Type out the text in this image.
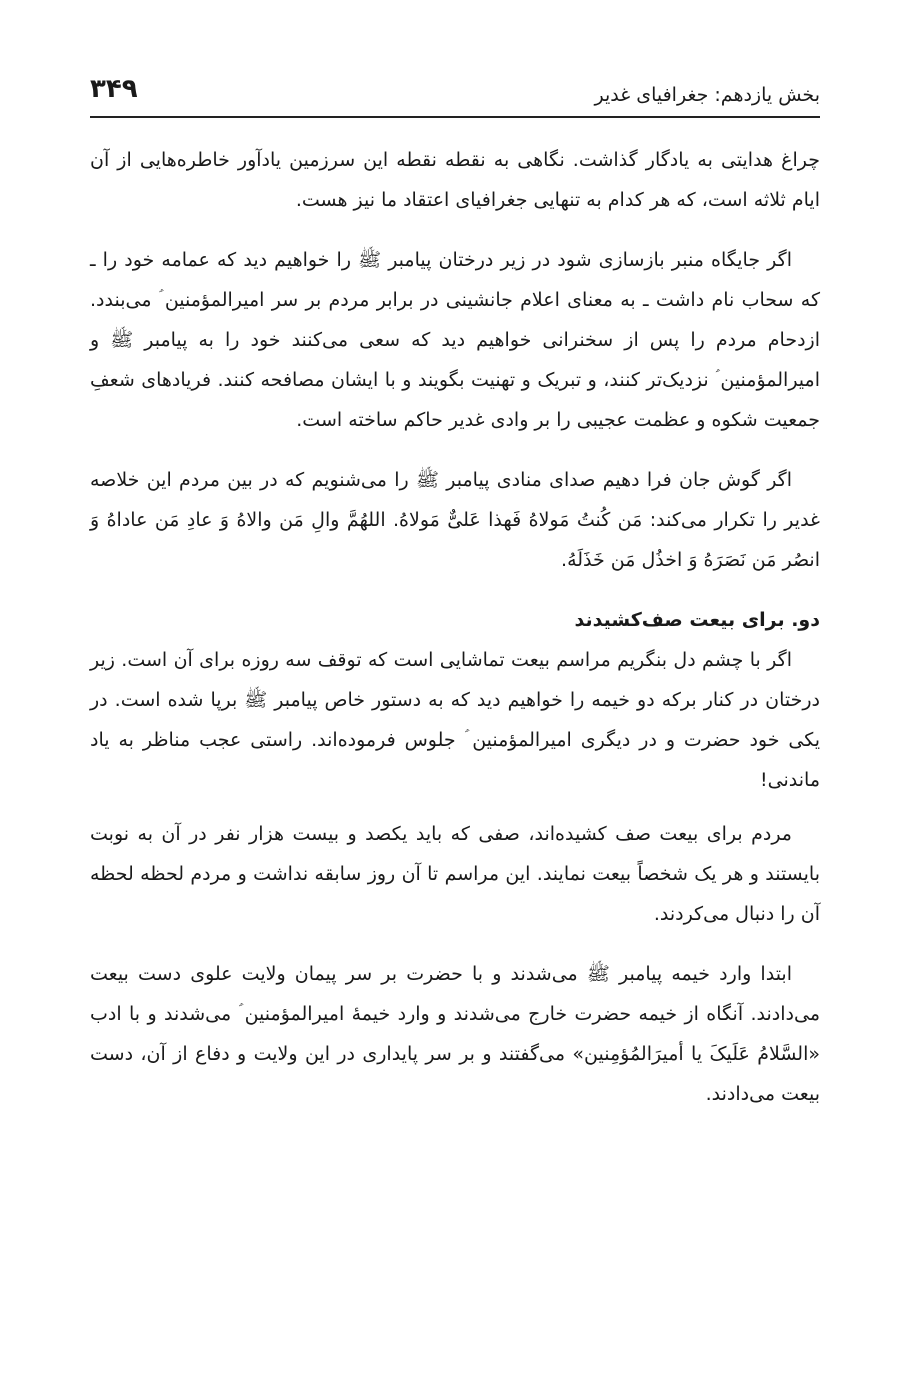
بخش یازدهم: جغرافیای غدیر
۳۴۹

چراغ هدایتی به یادگار گذاشت. نگاهی به نقطه نقطه این سرزمین یادآور خاطره‌هایی از آن ایام ثلاثه است، که هر کدام به تنهایی جغرافیای اعتقاد ما نیز هست.

اگر جایگاه منبر بازسازی شود در زیر درختان پیامبر ﷺ را خواهیم دید که عمامه خود را ـ که سحاب نام داشت ـ به معنای اعلام جانشینی در برابر مردم بر سر امیرالمؤمنین ؑ می‌بندد. ازدحام مردم را پس از سخنرانی خواهیم دید که سعی می‌کنند خود را به پیامبر ﷺ و امیرالمؤمنین ؑ نزدیک‌تر کنند، و تبریک و تهنیت بگویند و با ایشان مصافحه کنند. فریادهای شعفِ جمعیت شکوه و عظمت عجیبی را بر وادی غدیر حاکم ساخته است.

اگر گوش جان فرا دهیم صدای منادی پیامبر ﷺ را می‌شنویم که در بین مردم این خلاصه غدیر را تکرار می‌کند: مَن کُنتُ مَولاهُ فَهذا عَلیٌّ مَولاهُ. اللهُمَّ والِ مَن والاهُ وَ عادِ مَن عاداهُ وَ انصُر مَن نَصَرَهُ وَ اخذُل مَن خَذَلَهُ.

دو. برای بیعت صف‌کشیدند

اگر با چشم دل بنگریم مراسم بیعت تماشایی است که توقف سه روزه برای آن است. زیر درختان در کنار برکه دو خیمه را خواهیم دید که به دستور خاص پیامبر ﷺ برپا شده است. در یکی خود حضرت و در دیگری امیرالمؤمنین ؑ جلوس فرموده‌اند. راستی عجب مناظر به یاد ماندنی!

مردم برای بیعت صف کشیده‌اند، صفی که باید یکصد و بیست هزار نفر در آن به نوبت بایستند و هر یک شخصاً بیعت نمایند. این مراسم تا آن روز سابقه نداشت و مردم لحظه لحظه آن را دنبال می‌کردند.

ابتدا وارد خیمه پیامبر ﷺ می‌شدند و با حضرت بر سر پیمان ولایت علوی دست بیعت می‌دادند. آنگاه از خیمه حضرت خارج می‌شدند و وارد خیمهٔ امیرالمؤمنین ؑ می‌شدند و با ادب «السَّلامُ عَلَیکَ یا أمیرَالمُؤمِنین» می‌گفتند و بر سر پایداری در این ولایت و دفاع از آن، دست بیعت می‌دادند.
